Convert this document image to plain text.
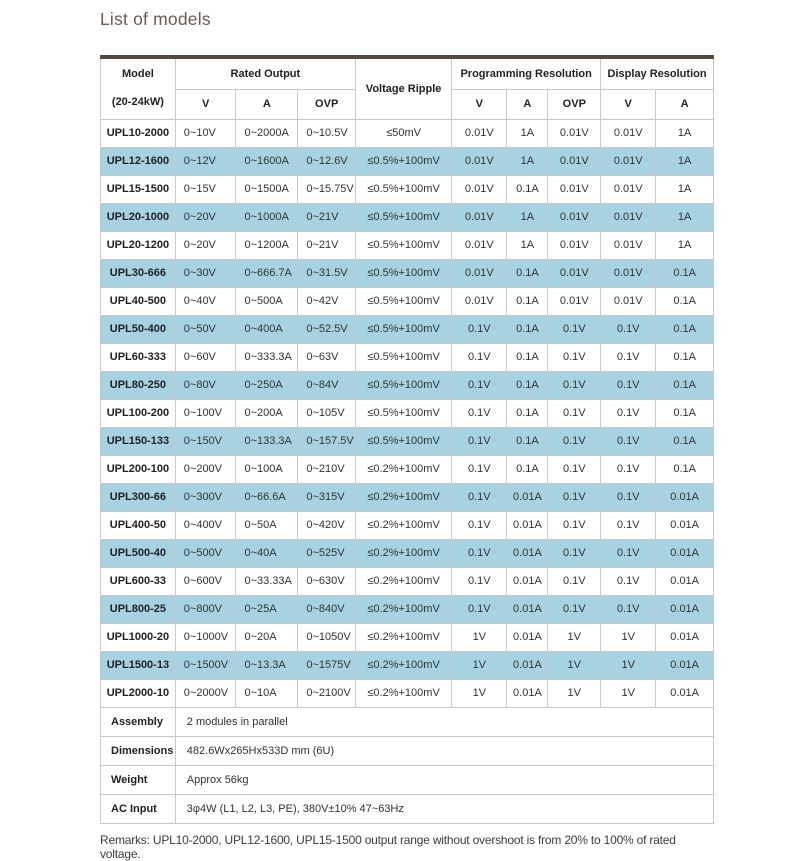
List of models
Model
(20-24kW)	Rated Output			Voltage Ripple	Programming Resolution			Display Resolution	
	V	A	OVP		V	A	OVP	V	A
UPL10-2000	0~10V	0~2000A	0~10.5V	≤50mV	0.01V	1A	0.01V	0.01V	1A
UPL12-1600	0~12V	0~1600A	0~12.6V	≤0.5%+100mV	0.01V	1A	0.01V	0.01V	1A
UPL15-1500	0~15V	0~1500A	0~15.75V	≤0.5%+100mV	0.01V	0.1A	0.01V	0.01V	1A
UPL20-1000	0~20V	0~1000A	0~21V	≤0.5%+100mV	0.01V	1A	0.01V	0.01V	1A
UPL20-1200	0~20V	0~1200A	0~21V	≤0.5%+100mV	0.01V	1A	0.01V	0.01V	1A
UPL30-666	0~30V	0~666.7A	0~31.5V	≤0.5%+100mV	0.01V	0.1A	0.01V	0.01V	0.1A
UPL40-500	0~40V	0~500A	0~42V	≤0.5%+100mV	0.01V	0.1A	0.01V	0.01V	0.1A
UPL50-400	0~50V	0~400A	0~52.5V	≤0.5%+100mV	0.1V	0.1A	0.1V	0.1V	0.1A
UPL60-333	0~60V	0~333.3A	0~63V	≤0.5%+100mV	0.1V	0.1A	0.1V	0.1V	0.1A
UPL80-250	0~80V	0~250A	0~84V	≤0.5%+100mV	0.1V	0.1A	0.1V	0.1V	0.1A
UPL100-200	0~100V	0~200A	0~105V	≤0.5%+100mV	0.1V	0.1A	0.1V	0.1V	0.1A
UPL150-133	0~150V	0~133.3A	0~157.5V	≤0.5%+100mV	0.1V	0.1A	0.1V	0.1V	0.1A
UPL200-100	0~200V	0~100A	0~210V	≤0.2%+100mV	0.1V	0.1A	0.1V	0.1V	0.1A
UPL300-66	0~300V	0~66.6A	0~315V	≤0.2%+100mV	0.1V	0.01A	0.1V	0.1V	0.01A
UPL400-50	0~400V	0~50A	0~420V	≤0.2%+100mV	0.1V	0.01A	0.1V	0.1V	0.01A
UPL500-40	0~500V	0~40A	0~525V	≤0.2%+100mV	0.1V	0.01A	0.1V	0.1V	0.01A
UPL600-33	0~600V	0~33.33A	0~630V	≤0.2%+100mV	0.1V	0.01A	0.1V	0.1V	0.01A
UPL800-25	0~800V	0~25A	0~840V	≤0.2%+100mV	0.1V	0.01A	0.1V	0.1V	0.01A
UPL1000-20	0~1000V	0~20A	0~1050V	≤0.2%+100mV	1V	0.01A	1V	1V	0.01A
UPL1500-13	0~1500V	0~13.3A	0~1575V	≤0.2%+100mV	1V	0.01A	1V	1V	0.01A
UPL2000-10	0~2000V	0~10A	0~2100V	≤0.2%+100mV	1V	0.01A	1V	1V	0.01A
Assembly	2 modules in parallel								
Dimensions	482.6Wx265Hx533D mm (6U)								
Weight	Approx 56kg								
AC Input	3φ4W (L1, L2, L3, PE), 380V±10% 47~63Hz								

Remarks: UPL10-2000, UPL12-1600, UPL15-1500 output range without overshoot is from 20% to 100% of rated voltage.
